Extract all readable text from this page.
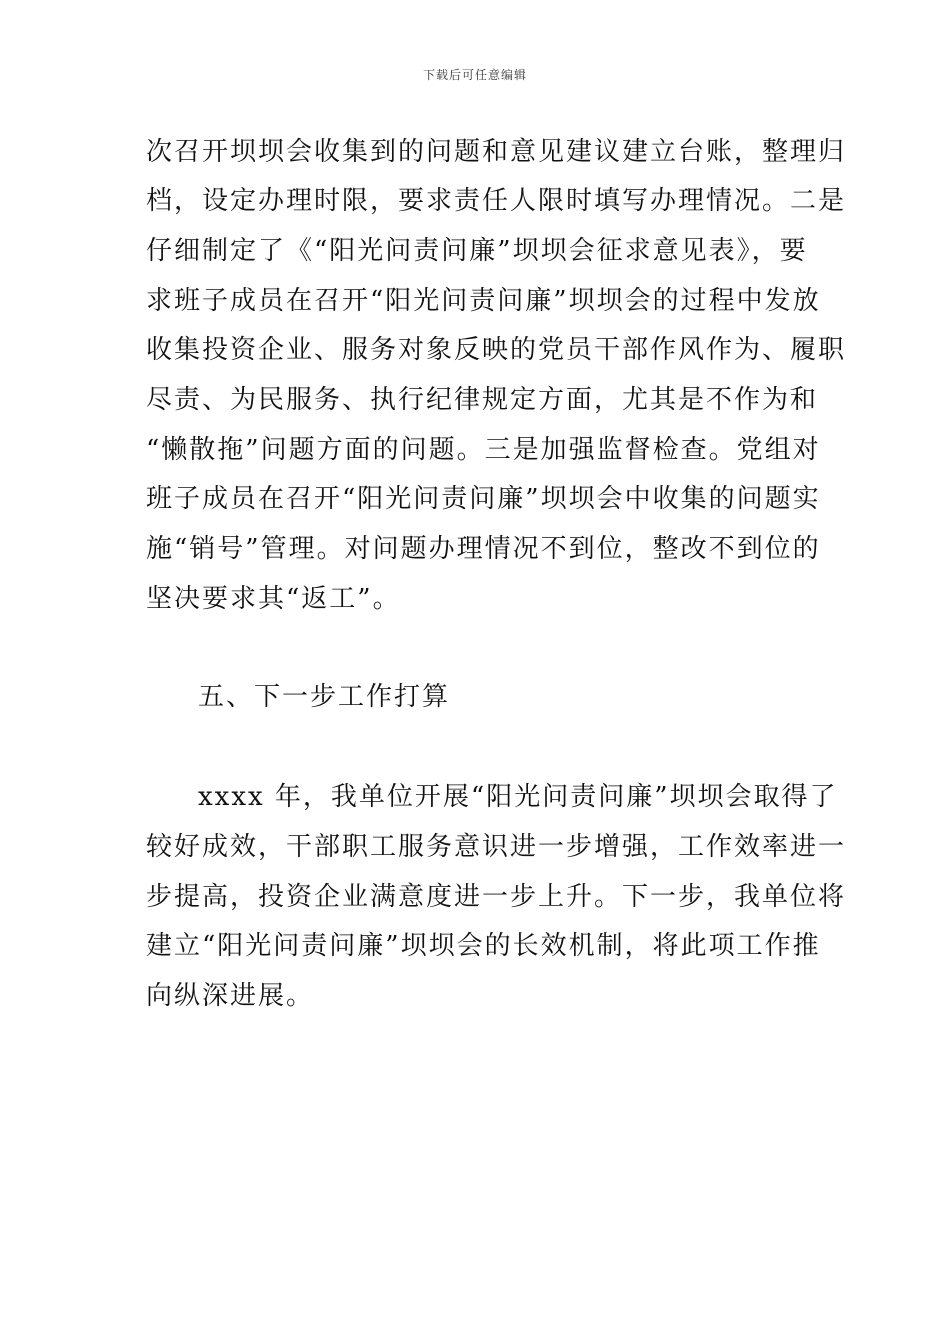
下载后可任意编辑
次召开坝坝会收集到的问题和意见建议建立台账，整理归
档，设定办理时限，要求责任人限时填写办理情况。二是
仔细制定了《“阳光问责问廉”坝坝会征求意见表》，要
求班子成员在召开“阳光问责问廉”坝坝会的过程中发放
收集投资企业、服务对象反映的党员干部作风作为、履职
尽责、为民服务、执行纪律规定方面，尤其是不作为和
“懒散拖”问题方面的问题。三是加强监督检查。党组对
班子成员在召开“阳光问责问廉”坝坝会中收集的问题实
施“销号”管理。对问题办理情况不到位，整改不到位的
坚决要求其“返工”。
五、下一步工作打算
xxxx 年，我单位开展“阳光问责问廉”坝坝会取得了
较好成效，干部职工服务意识进一步增强，工作效率进一
步提高，投资企业满意度进一步上升。下一步，我单位将
建立“阳光问责问廉”坝坝会的长效机制，将此项工作推
向纵深进展。
